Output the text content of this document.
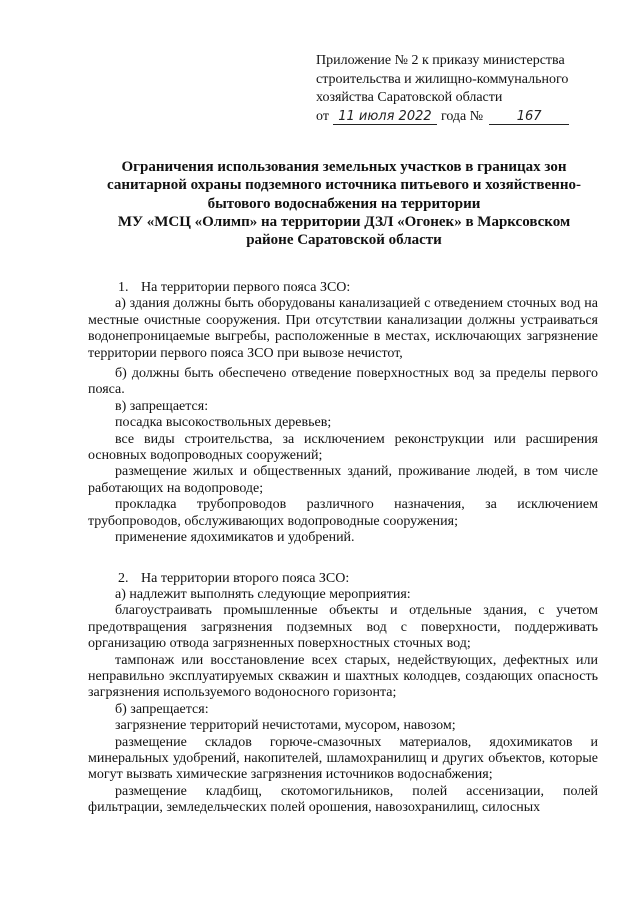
Приложение № 2 к приказу министерства
строительства и жилищно-коммунального
хозяйства Саратовской области
от 11 июля 2022 года №	167
Ограничения использования земельных участков в границах зон
санитарной охраны подземного источника питьевого и хозяйственно-
бытового водоснабжения на территории
МУ «МСЦ «Олимп» на территории ДЗЛ «Огонек» в Марксовском
районе Саратовской области

1. На территории первого пояса ЗСО:

а) здания должны быть оборудованы канализацией с отведением сточных вод на местные очистные сооружения. При отсутствии канализации должны устраиваться водонепроницаемые выгребы, расположенные в местах, исключающих загрязнение территории первого пояса ЗСО при вывозе нечистот,

б) должны быть обеспечено отведение поверхностных вод за пределы первого пояса.

в) запрещается:

посадка высокоствольных деревьев;

все виды строительства, за исключением реконструкции или расширения основных водопроводных сооружений;

размещение жилых и общественных зданий, проживание людей, в том числе работающих на водопроводе;

прокладка трубопроводов различного назначения, за исключением трубопроводов, обслуживающих водопроводные сооружения;

применение ядохимикатов и удобрений.

2. На территории второго пояса ЗСО:

а) надлежит выполнять следующие мероприятия:

благоустраивать промышленные объекты и отдельные здания, с учетом предотвращения загрязнения подземных вод с поверхности, поддерживать организацию отвода загрязненных поверхностных сточных вод;

тампонаж или восстановление всех старых, недействующих, дефектных или неправильно эксплуатируемых скважин и шахтных колодцев, создающих опасность загрязнения используемого водоносного горизонта;

б) запрещается:

загрязнение территорий нечистотами, мусором, навозом;

размещение складов горюче-смазочных материалов, ядохимикатов и минеральных удобрений, накопителей, шламохранилищ и других объектов, которые могут вызвать химические загрязнения источников водоснабжения;

размещение кладбищ, скотомогильников, полей ассенизации, полей фильтрации, земледельческих полей орошения, навозохранилищ, силосных
